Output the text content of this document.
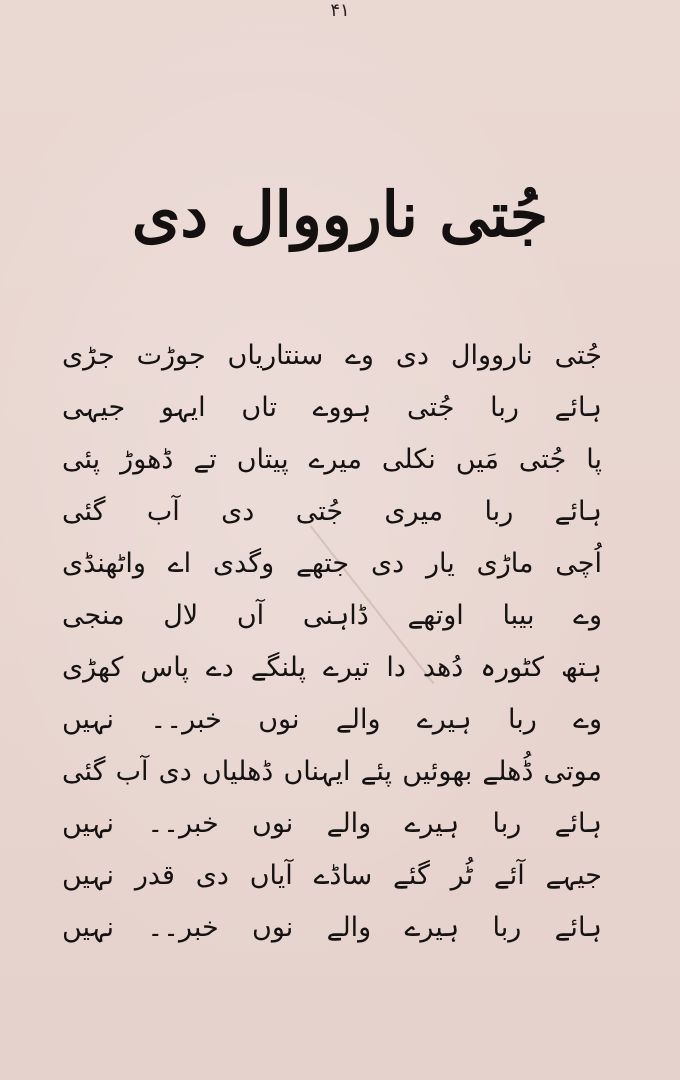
۴۱
جُتی نارووال دی
جُتی نارووال دی وے سنتاریاں جوڑت جڑی
ہائے ربا جُتی ہووے تاں ایہو جیہی
پا جُتی مَیں نکلی میرے پیتاں تے ڈھوڑ پئی
ہائے ربا میری جُتی دی آب گئی
اُچی ماڑی یار دی جتھے وگدی اے واٹھنڈی
وے بیبا اوتھے ڈاہنی آں لال منجی
ہتھ کٹورہ دُھد دا تیرے پلنگے دے پاس کھڑی
وے ربا ہیرے والے نوں خبر۔۔ نہیں
موتی ڈُھلے بھوئیں پئے ایہناں ڈھلیاں دی آب گئی
ہائے ربا ہیرے والے نوں خبر۔۔ نہیں
جیہے آئے ٹُر گئے ساڈے آیاں دی قدر نہیں
ہائے ربا ہیرے والے نوں خبر۔۔ نہیں
